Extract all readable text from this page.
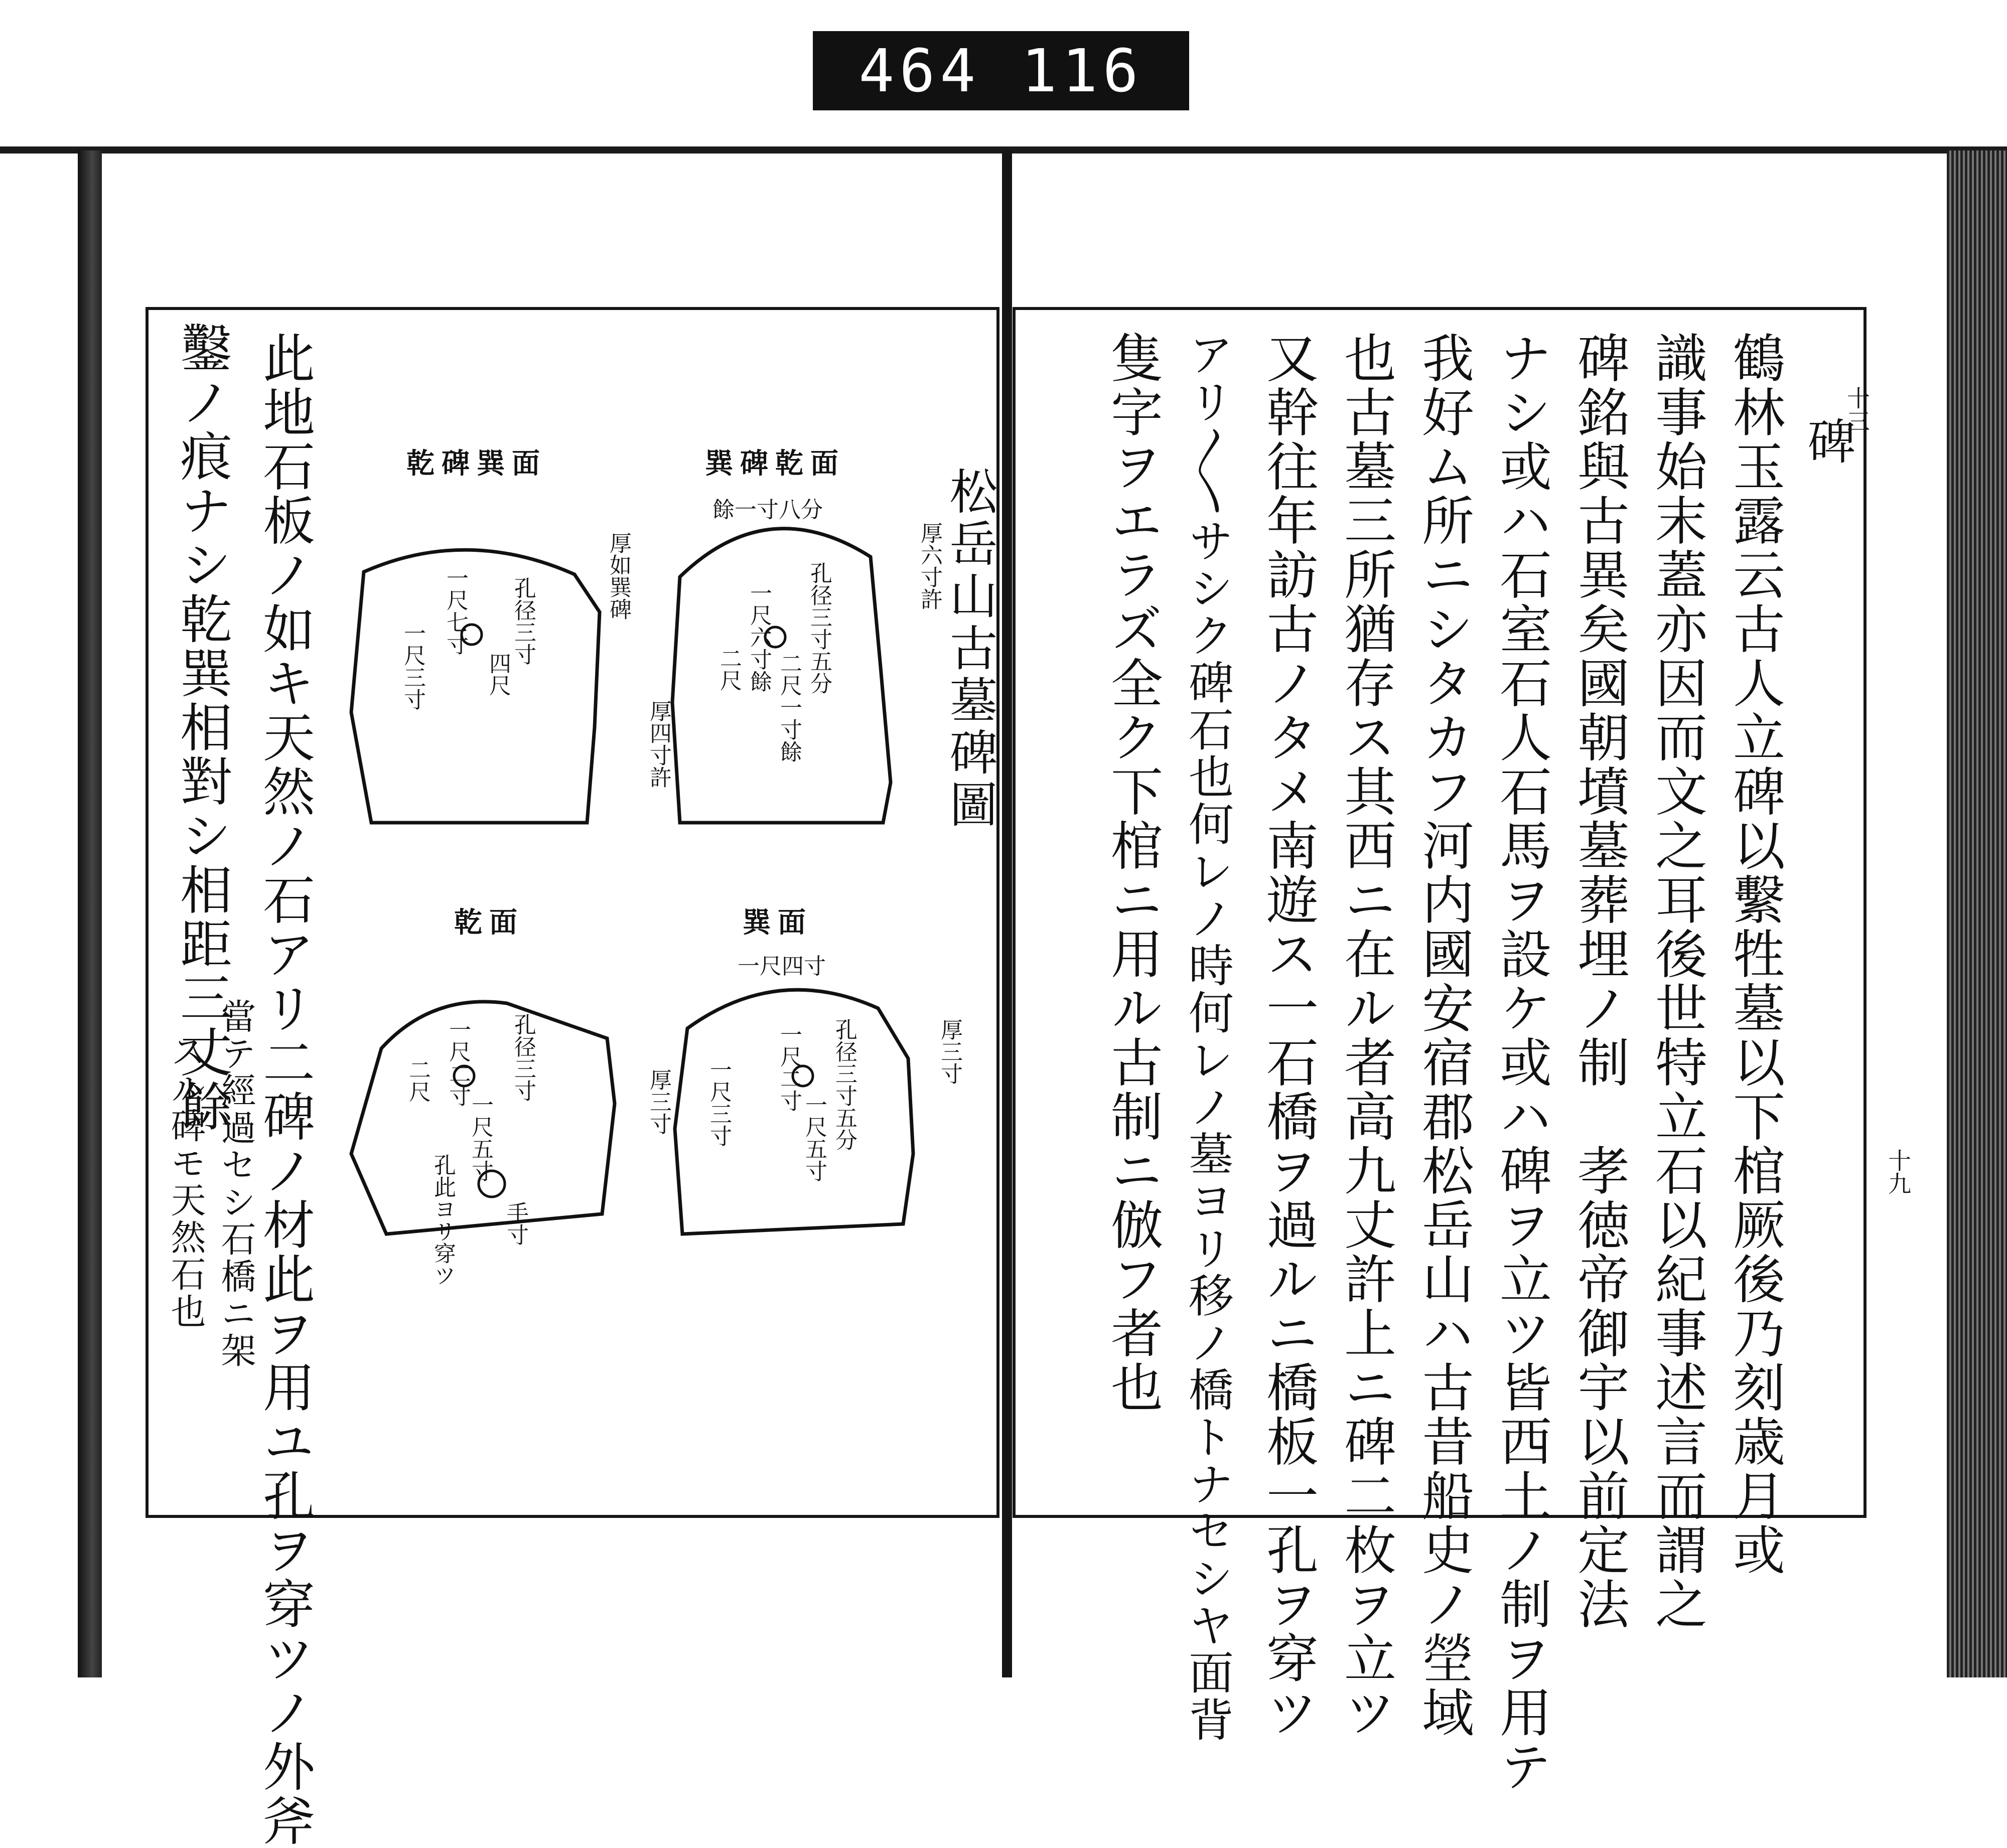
464 116
十三
碑
十九
鶴林玉露云古人立碑以繫牲墓以下棺厥後乃刻歳月或
識事始末蓋亦因而文之耳後世特立石以紀事述言而謂之
碑銘與古異矣國朝墳墓葬埋ノ制　孝徳帝御宇以前定法
ナシ或ハ石室石人石馬ヲ設ケ或ハ碑ヲ立ツ皆西土ノ制ヲ用テ
我好ム所ニシタカフ河内國安宿郡松岳山ハ古昔船史ノ塋域
也古墓三所猶存ス其西ニ在ル者高九丈許上ニ碑二枚ヲ立ツ
又幹往年訪古ノタメ南遊ス一石橋ヲ過ルニ橋板一孔ヲ穿ツ
アリ〳〵サシク碑石也何レノ時何レノ墓ヨリ移ノ橋トナセシヤ面背
隻字ヲエラズ全ク下棺ニ用ル古制ニ倣フ者也
松岳山古墓碑圖
此地石板ノ如キ天然ノ石アリ二碑ノ材此ヲ用ユ孔ヲ穿ツノ外斧
鑿ノ痕ナシ乾巽相對シ相距三丈餘
當テ經過セシ石橋ニ架
スル碑モ天然石也
巽碑乾面
乾碑巽面
巽面
乾面
厚六寸許
厚四寸許
厚如巽碑
厚三寸
厚三寸
餘一寸八分
一尺四寸
一尺六寸餘
二尺一寸餘
孔径三寸五分
二尺
一尺七寸
四尺
孔径三寸
一尺三寸
一尺二寸
一尺五寸 孔径三寸五分
一尺三寸
一尺二寸
一尺五寸
孔径三寸
二尺
孔此ヨリ穿ツ 手寸
